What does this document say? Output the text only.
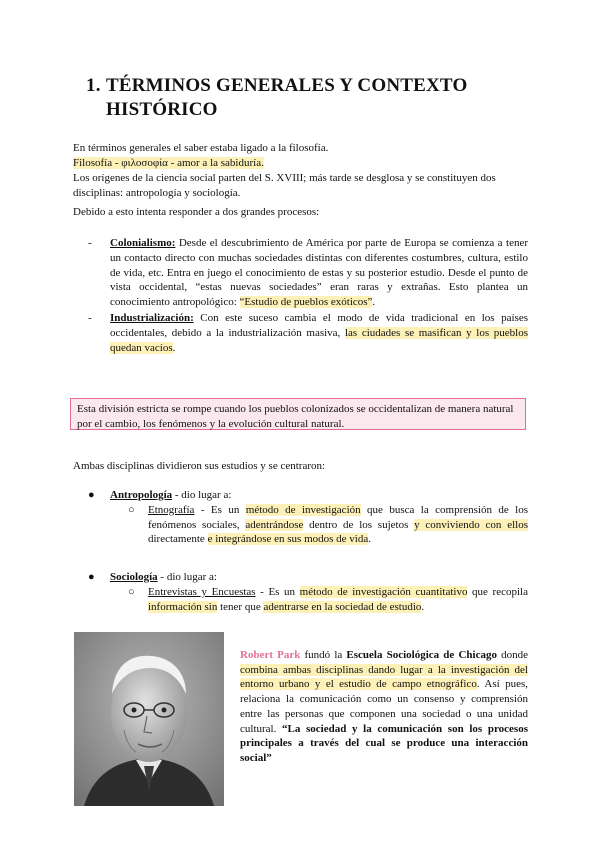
1. TÉRMINOS GENERALES Y CONTEXTO
HISTÓRICO

En términos generales el saber estaba ligado a la filosofía.

Filosofía - φιλοσοφία - amor a la sabiduría.

Los orígenes de la ciencia social parten del S. XVIII; más tarde se desglosa y se constituyen dos disciplinas: antropología y sociología.

Debido a esto intenta responder a dos grandes procesos:

- Colonialismo: Desde el descubrimiento de América por parte de Europa se comienza a tener un contacto directo con muchas sociedades distintas con diferentes costumbres, cultura, estilo de vida, etc. Entra en juego el conocimiento de estas y su posterior estudio. Desde el punto de vista occidental, “estas nuevas sociedades” eran raras y extrañas. Esto plantea un conocimiento antropológico: “Estudio de pueblos exóticos”.
- Industrialización: Con este suceso cambia el modo de vida tradicional en los países occidentales, debido a la industrialización masiva, las ciudades se masifican y los pueblos quedan vacíos.
Esta división estricta se rompe cuando los pueblos colonizados se occidentalizan de manera natural por el cambio, los fenómenos y la evolución cultural natural.

Ambas disciplinas dividieron sus estudios y se centraron:

●	Antropología - dio lugar a:
○	Etnografía - Es un método de investigación que busca la comprensión de los fenómenos sociales, adentrándose dentro de los sujetos y conviviendo con ellos directamente e integrándose en sus modos de vida.
●	Sociología - dio lugar a:
○	Entrevistas y Encuestas - Es un método de investigación cuantitativo que recopila información sin tener que adentrarse en la sociedad de estudio.
Robert Park fundó la Escuela Sociológica de Chicago donde combina ambas disciplinas dando lugar a la investigación del entorno urbano y el estudio de campo etnográfico. Así pues, relaciona la comunicación como un consenso y comprensión entre las personas que componen una sociedad o una unidad cultural. “La sociedad y la comunicación son los procesos principales a través del cual se produce una interacción social”
